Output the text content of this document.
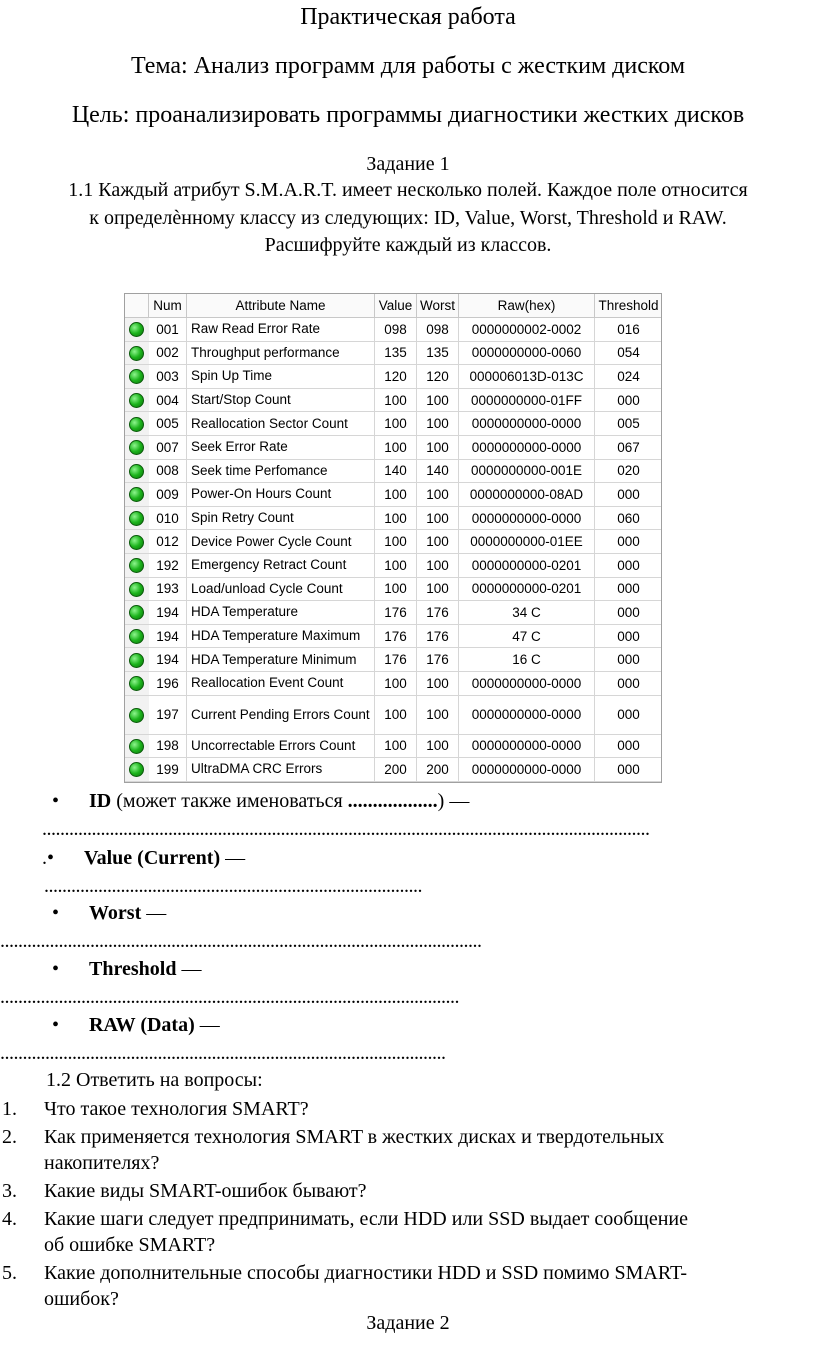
Практическая работа
Тема: Анализ программ для работы с жестким диском
Цель: проанализировать программы диагностики жестких дисков
Задание 1
1.1 Каждый атрибут S.M.A.R.T. имеет несколько полей. Каждое поле относится
к определѐнному классу из следующих: ID, Value, Worst, Threshold и RAW.
Расшифруйте каждый из классов.
Num	Attribute Name	Value Worst	Raw(hex)	Threshold
001 Raw Read Error Rate	098 098 0000000002-0002	016
002 Throughput performance	135 135 0000000000-0060	054
003 Spin Up Time	120 120 000006013D-013C 024
004 Start/Stop Count	100 100 0000000000-01FF	000
005 Reallocation Sector Count	100 100 0000000000-0000	005
007 Seek Error Rate	100 100 0000000000-0000	067
008 Seek time Perfomance	140 140 0000000000-001E	020
009 Power-On Hours Count	100 100 0000000000-08AD	000
010 Spin Retry Count	100 100 0000000000-0000	060
012 Device Power Cycle Count 100 100 0000000000-01EE	000
192 Emergency Retract Count	100 100 0000000000-0201	000
193 Load/unload Cycle Count	100 100 0000000000-0201	000
194 HDA Temperature	176 176	34 C	000
194 HDA Temperature Maximum 176 176	47 C	000
194 HDA Temperature Minimum 176 176	16 C	000
196 Reallocation Event Count	100 100 0000000000-0000	000
197 Current Pending Errors Count 100 100 0000000000-0000	000
198 Uncorrectable Errors Count 100 100 0000000000-0000	000
199 UltraDMA CRC Errors	200 200 0000000000-0000	000
• ID (может также именоваться ..................) —
.......................................................................................................................................
.• Value (Current) —
....................................................................................
• Worst —
...........................................................................................................
• Threshold —
......................................................................................................
• RAW (Data) —
...................................................................................................
1.2 Ответить на вопросы:
1. Что такое технология SMART?
2. Как применяется технология SMART в жестких дисках и твердотельных
накопителях?
3. Какие виды SMART-ошибок бывают?
4. Какие шаги следует предпринимать, если HDD или SSD выдает сообщение
об ошибке SMART?
5. Какие дополнительные способы диагностики HDD и SSD помимо SMART-
ошибок?
Задание 2
